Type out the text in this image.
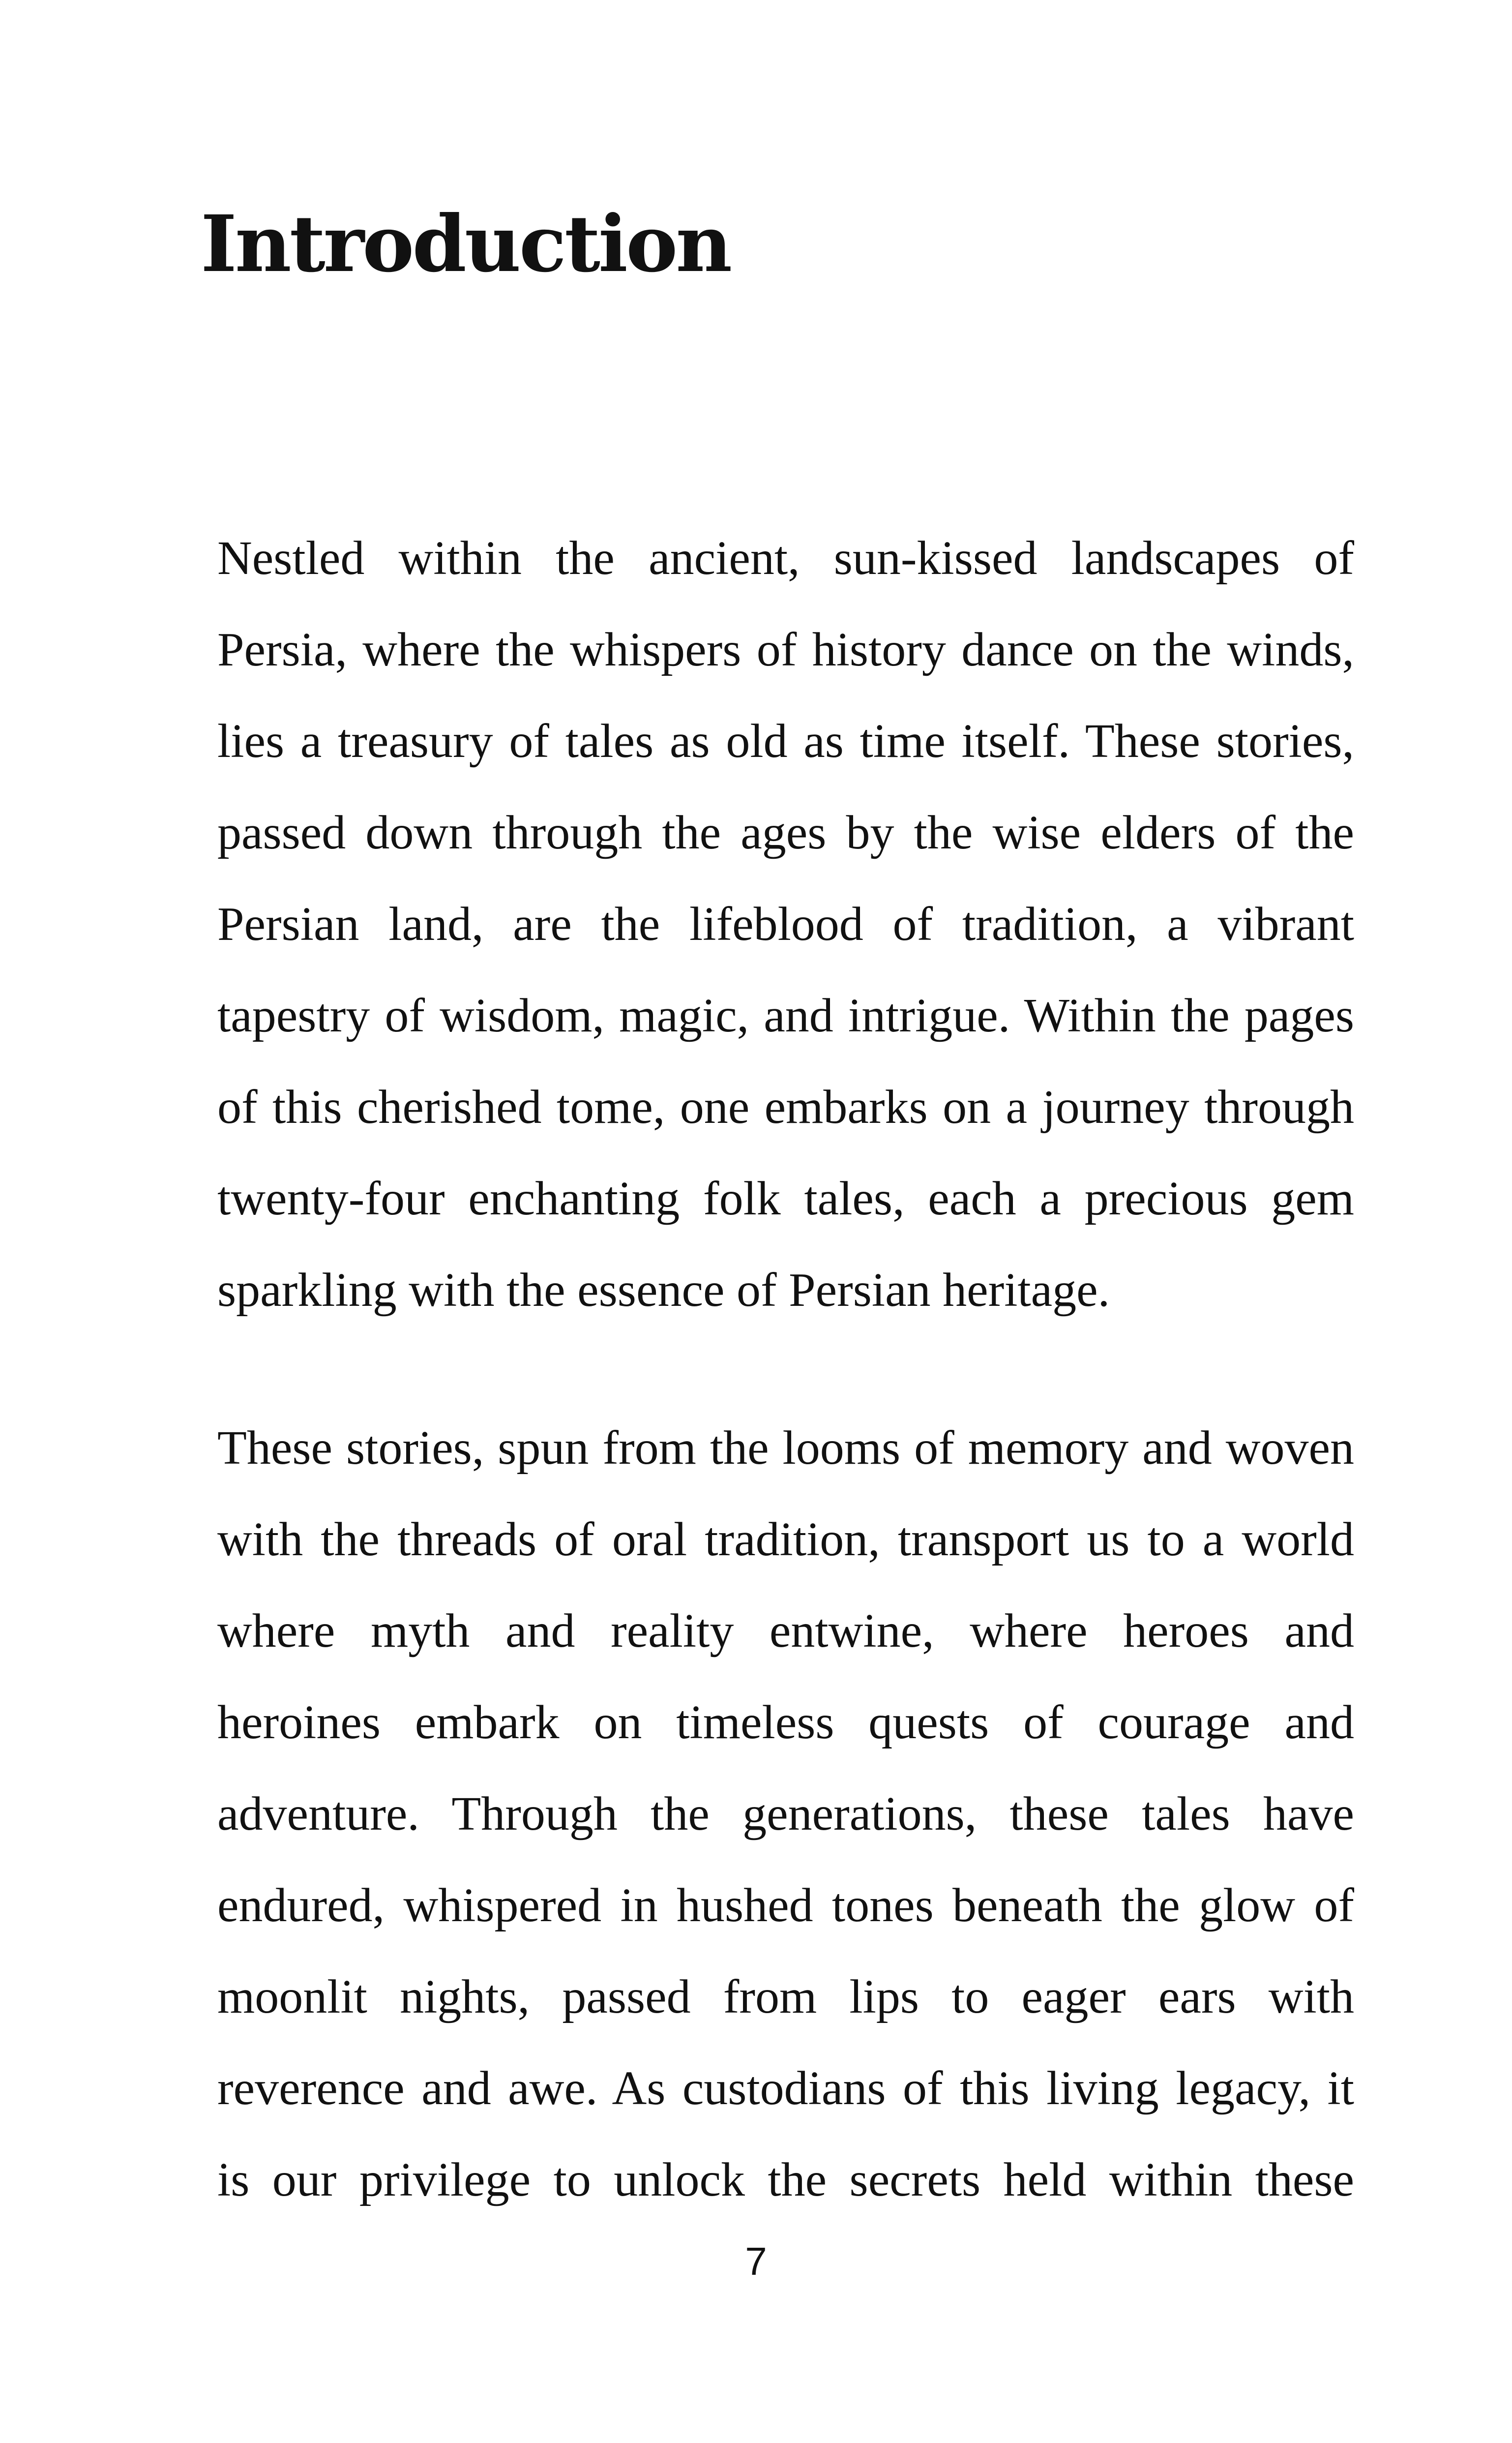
Introduction
Nestled within the ancient, sun-kissed landscapes of
Persia, where the whispers of history dance on the winds,
lies a treasury of tales as old as time itself. These stories,
passed down through the ages by the wise elders of the
Persian land, are the lifeblood of tradition, a vibrant
tapestry of wisdom, magic, and intrigue. Within the pages
of this cherished tome, one embarks on a journey through
twenty-four enchanting folk tales, each a precious gem
sparkling with the essence of Persian heritage.
These stories, spun from the looms of memory and woven
with the threads of oral tradition, transport us to a world
where myth and reality entwine, where heroes and
heroines embark on timeless quests of courage and
adventure. Through the generations, these tales have
endured, whispered in hushed tones beneath the glow of
moonlit nights, passed from lips to eager ears with
reverence and awe. As custodians of this living legacy, it
is our privilege to unlock the secrets held within these
7
